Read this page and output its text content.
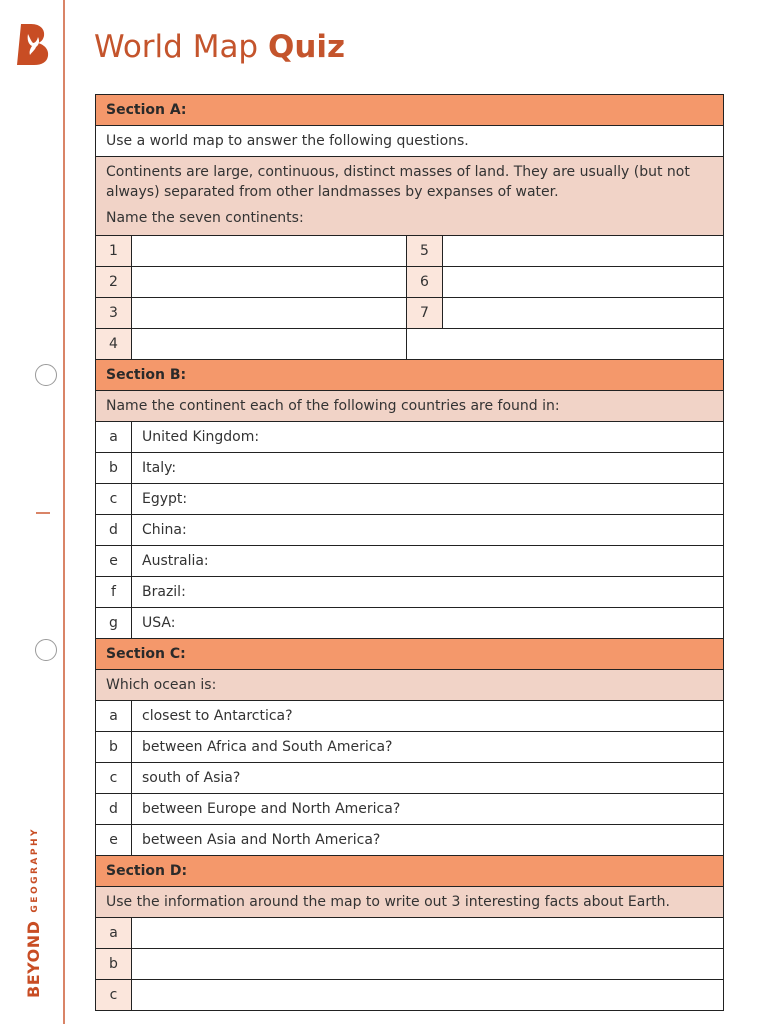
BEYONDGEOGRAPHY
World Map Quiz
Section A:			
Use a world map to answer the following questions.			

Continents are large, continuous, distinct masses of land. They are usually (but not always) separated from other landmasses by expanses of water.

Name the seven continents:			

1		5	
2		6	
3		7	
4			
Section B:			
Name the continent each of the following countries are found in:			
a	United Kingdom:		
b	Italy:		
c	Egypt:		
d	China:		
e	Australia:		
f	Brazil:		
g	USA:		
Section C:			
Which ocean is:			
a	closest to Antarctica?		
b	between Africa and South America?		
c	south of Asia?		
d	between Europe and North America?		
e	between Asia and North America?		
Section D:			
Use the information around the map to write out 3 interesting facts about Earth.			
a			
b			
c			
